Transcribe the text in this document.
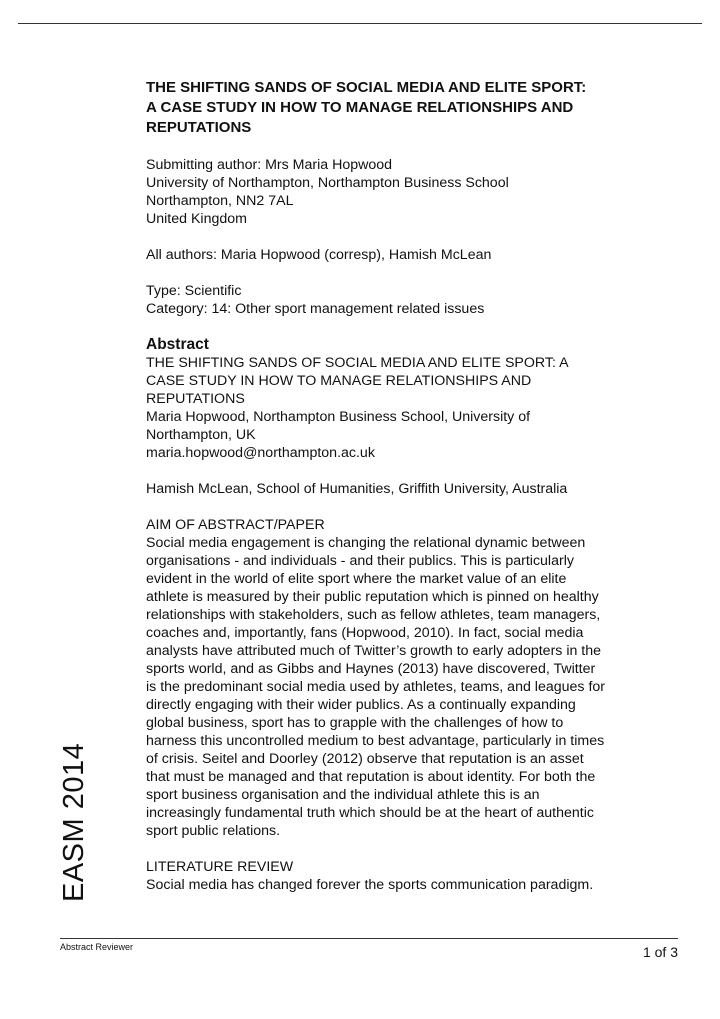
THE SHIFTING SANDS OF SOCIAL MEDIA AND ELITE SPORT:
A CASE STUDY IN HOW TO MANAGE RELATIONSHIPS AND
REPUTATIONS
Submitting author: Mrs Maria Hopwood
University of Northampton, Northampton Business School
Northampton, NN2 7AL
United Kingdom
All authors: Maria Hopwood (corresp), Hamish McLean
Type: Scientific
Category: 14: Other sport management related issues
Abstract
THE SHIFTING SANDS OF SOCIAL MEDIA AND ELITE SPORT: A
CASE STUDY IN HOW TO MANAGE RELATIONSHIPS AND
REPUTATIONS
Maria Hopwood, Northampton Business School, University of
Northampton, UK
maria.hopwood@northampton.ac.uk
Hamish McLean, School of Humanities, Griffith University, Australia
AIM OF ABSTRACT/PAPER
Social media engagement is changing the relational dynamic between
organisations - and individuals - and their publics. This is particularly
evident in the world of elite sport where the market value of an elite
athlete is measured by their public reputation which is pinned on healthy
relationships with stakeholders, such as fellow athletes, team managers,
coaches and, importantly, fans (Hopwood, 2010). In fact, social media
analysts have attributed much of Twitter’s growth to early adopters in the
sports world, and as Gibbs and Haynes (2013) have discovered, Twitter
is the predominant social media used by athletes, teams, and leagues for
directly engaging with their wider publics. As a continually expanding
global business, sport has to grapple with the challenges of how to
harness this uncontrolled medium to best advantage, particularly in times
of crisis. Seitel and Doorley (2012) observe that reputation is an asset
that must be managed and that reputation is about identity. For both the
sport business organisation and the individual athlete this is an
increasingly fundamental truth which should be at the heart of authentic
sport public relations.
LITERATURE REVIEW
Social media has changed forever the sports communication paradigm.
EASM 2014
Abstract Reviewer	1 of 3
